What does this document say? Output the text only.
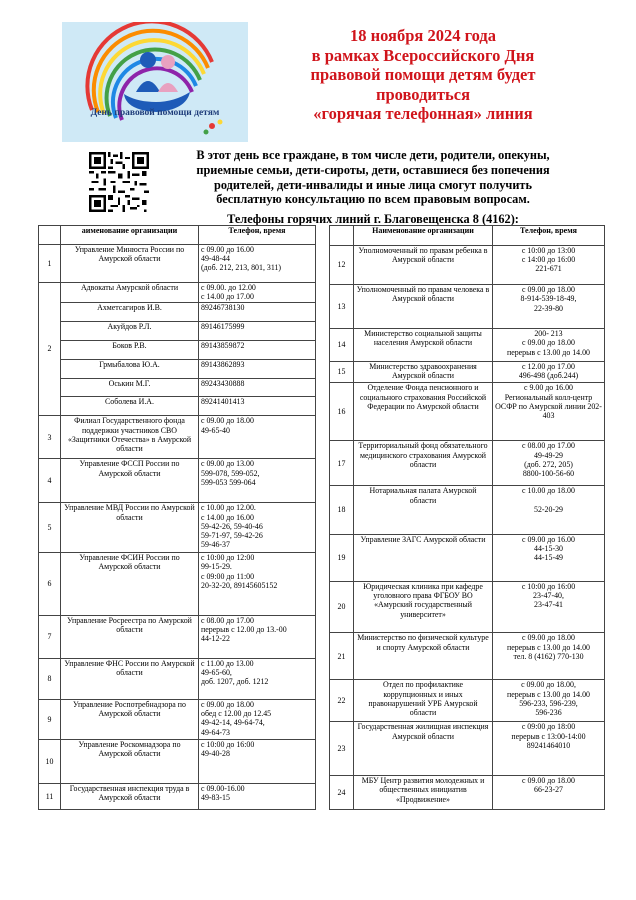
День правовой помощи детям
18 ноября 2024 года
в рамках Всероссийского Дня
правовой помощи детям будет
проводиться
«горячая телефонная» линия
В этот день все граждане, в том числе дети, родители, опекуны,
приемные семьи, дети-сироты, дети, оставшиеся без попечения
родителей, дети-инвалиды и иные лица смогут получить
бесплатную консультацию по всем правовым вопросам.
Телефоны горячих линий г. Благовещенска 8 (4162):
	аименование организации	Телефон, время
1	Управление Минюста России по Амурской области	с 09.00 до 16.00
49-48-44
(доб. 212, 213, 801, 311)
2	Адвокаты Амурской области	с 09.00. до 12.00
с 14.00 до 17.00
	Ахметсагиров И.В.	89246738130
	Акуйдов Р.Л.	89146175999
	Боков Р.В.	89143859872
	Грмыбалова Ю.А.	89143862893
	Оськин М.Г.	89243430888
	Соболева И.А.	89241401413
3	Филиал Государственного фонда поддержки участников СВО «Защитники Отечества» в Амурской области	с 09.00 до 18.00
49-65-40
4	Управление ФССП России по Амурской области	с 09.00 до 13.00
599-078, 599-052,
599-053 599-064
5	Управление МВД России по Амурской области	с 10.00 до 12.00.
с 14.00 до 16.00
59-42-26, 59-40-46
59-71-97, 59-42-26
59-46-37
6	Управление ФСИН России по Амурской области	с 10:00 до 12:00
99-15-29.
с 09:00 до 11:00
20-32-20, 89145605152
7	Управление Росреестра по Амурской области	с 08.00 до 17.00
перерыв с 12.00 до 13.-00
44-12-22
8	Управление ФНС России по Амурской области	с 11.00 до 13.00
49-65-60,
доб. 1207, доб. 1212
9	Управление Роспотребнадзора по Амурской области	с 09.00 до 18.00
обед с 12.00 до 12.45
49-42-14, 49-64-74,
49-64-73
10	Управление Роскомнадзора по Амурской области	с 10:00 до 16:00
49-40-28
11	Государственная инспекция труда в Амурской области	с 09.00-16.00
49-83-15
	Наименование организации	Телефон, время
12	Уполномоченный по правам ребенка в Амурской области	с 10:00 до 13:00
с 14:00 до 16:00
221-671
13	Уполномоченный по правам человека в Амурской области	с 09.00 до 18.00
8-914-539-18-49,
22-39-80
14	Министерство социальной защиты населения Амурской области	200- 213
с 09.00 до 18.00
перерыв с 13.00 до 14.00
15	Министерство здравоохранения Амурской области	с 12.00 до 17.00
496-498 (доб.244)
16	Отделение Фонда пенсионного и социального страхования Российской Федерации по Амурской области	с 9.00 до 16.00
Региональный колл-центр ОСФР по Амурской линии 202-403
17	Территориальный фонд обязательного медицинского страхования Амурской области	с 08.00 до 17.00
49-49-29
(доб. 272, 205)
8800-100-56-60
18	Нотариальная палата Амурской области	с 10.00 до 18.00

52-20-29
19	Управление ЗАГС Амурской области	с 09.00 до 16.00
44-15-30
44-15-49
20	Юридическая клиника при кафедре уголовного права ФГБОУ ВО «Амурский государственный университет»	с 10:00 до 16:00
23-47-40,
23-47-41
21	Министерство по физической культуре и спорту Амурской области	с 09.00 до 18.00
перерыв с 13.00 до 14.00
тел. 8 (4162) 770-130
22	Отдел по профилактике коррупционных и иных правонарушений УРБ Амурской области	с 09.00 до 18.00,
перерыв с 13.00 до 14.00
596-233, 596-239,
596-236
23	Государственная жилищная инспекция Амурской области	с 09:00 до 18:00
перерыв с 13:00-14:00
89241464010
24	МБУ Центр развития молодежных и общественных инициатив «Продвижение»	с 09.00 до 18.00
66-23-27
